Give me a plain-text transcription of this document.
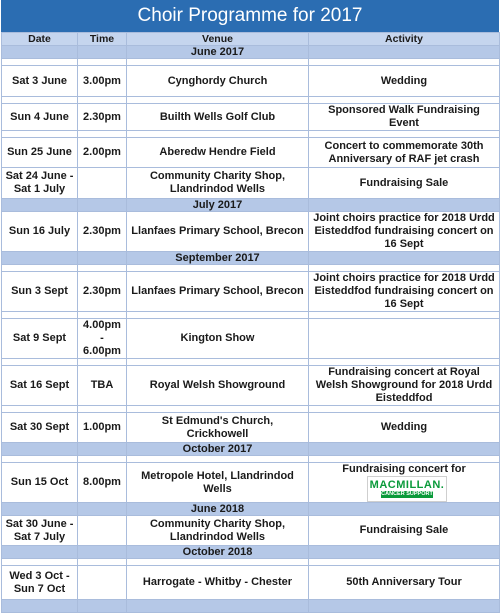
Choir Programme for 2017
Date	Time	Venue	Activity
		June 2017	

Sat 3 June	3.00pm	Cynghordy Church	Wedding

Sun 4 June	2.30pm	Builth Wells Golf Club	Sponsored Walk Fundraising Event

Sun 25 June	2.00pm	Aberedw Hendre Field	Concert to commemorate 30th Anniversary of RAF jet crash
Sat 24 June - Sat 1 July		Community Charity Shop, Llandrindod Wells	Fundraising Sale
		July 2017	
Sun 16 July	2.30pm	Llanfaes Primary School, Brecon	Joint choirs practice for 2018 Urdd Eisteddfod fundraising concert on 16 Sept
		September 2017	

Sun 3 Sept	2.30pm	Llanfaes Primary School, Brecon	Joint choirs practice for 2018 Urdd Eisteddfod fundraising concert on 16 Sept

Sat 9 Sept	4.00pm - 6.00pm	Kington Show	

Sat 16 Sept	TBA	Royal Welsh Showground	Fundraising concert at Royal Welsh Showground for 2018 Urdd Eisteddfod

Sat 30 Sept	1.00pm	St Edmund's Church, Crickhowell	Wedding
		October 2017	

Sun 15 Oct	8.00pm	Metropole Hotel, Llandrindod Wells	Fundraising concert for
MACMILLAN.
CANCER SUPPORT

		June 2018	
Sat 30 June - Sat 7 July		Community Charity Shop, Llandrindod Wells	Fundraising Sale
		October 2018	

Wed 3 Oct - Sun 7 Oct		Harrogate - Whitby - Chester	50th Anniversary Tour
